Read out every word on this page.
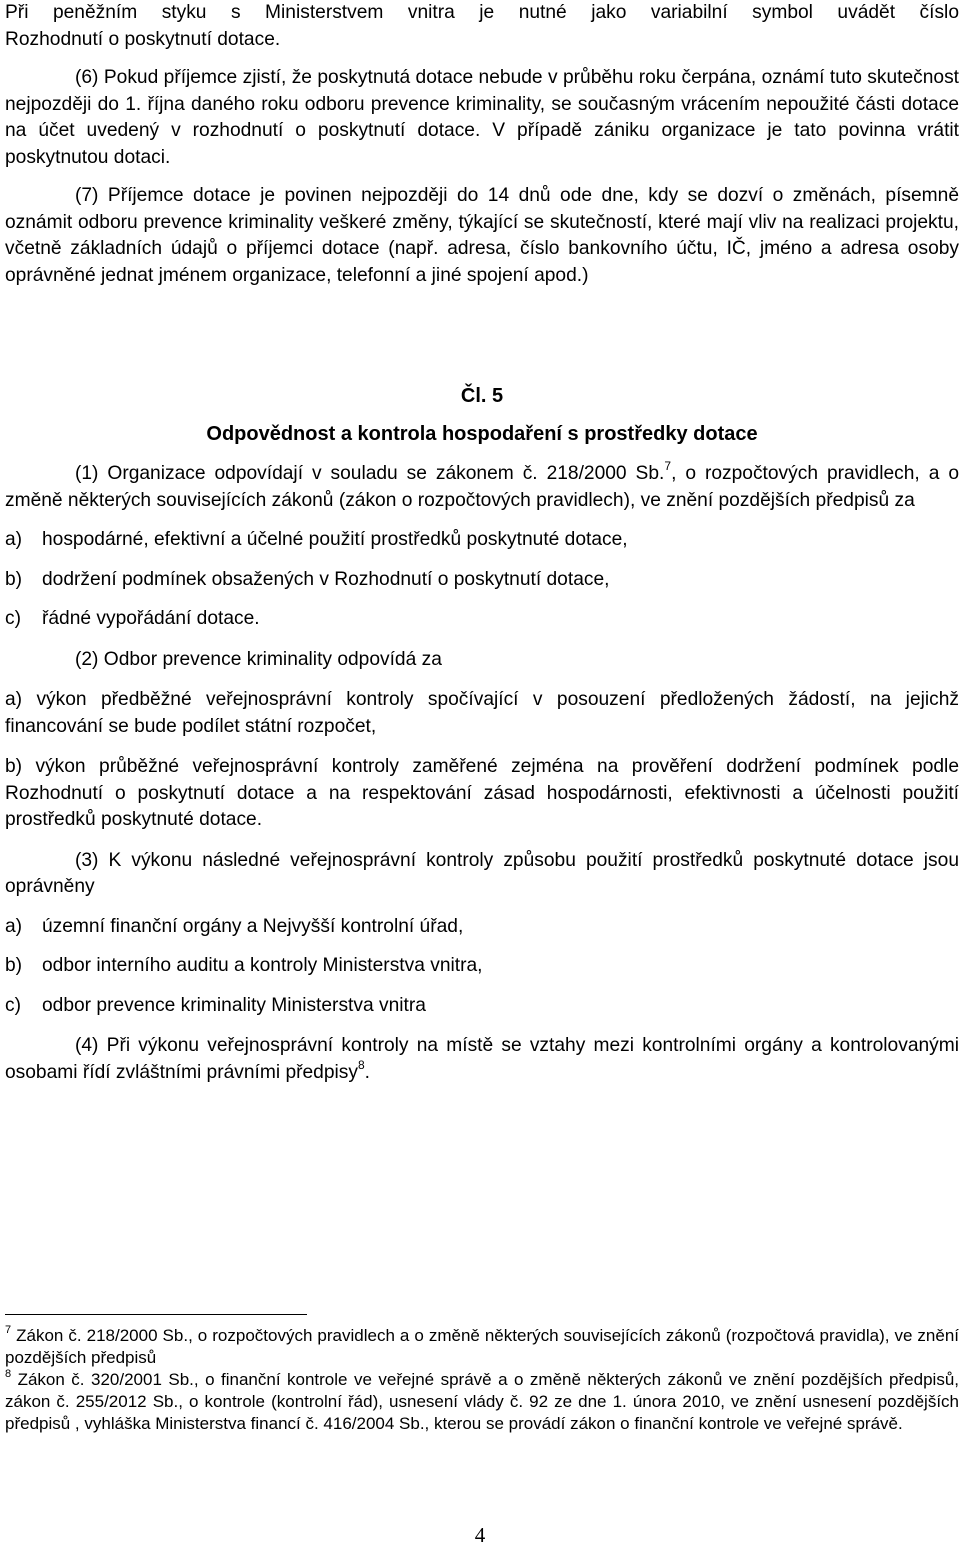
Při peněžním styku s Ministerstvem vnitra je nutné jako variabilní symbol uvádět číslo

Rozhodnutí o poskytnutí dotace.

(6) Pokud příjemce zjistí, že poskytnutá dotace nebude v průběhu roku čerpána, oznámí tuto skutečnost nejpozději do 1. října daného roku odboru prevence kriminality, se současným vrácením nepoužité části dotace na účet uvedený v rozhodnutí o poskytnutí dotace. V případě zániku organizace je tato povinna vrátit poskytnutou dotaci.

(7) Příjemce dotace je povinen nejpozději do 14 dnů ode dne, kdy se dozví o změnách, písemně oznámit odboru prevence kriminality veškeré změny, týkající se skutečností, které mají vliv na realizaci projektu, včetně základních údajů o příjemci dotace (např. adresa, číslo bankovního účtu, IČ, jméno a adresa osoby oprávněné jednat jménem organizace, telefonní a jiné spojení apod.)

Čl. 5

Odpovědnost a kontrola hospodaření s prostředky dotace

(1) Organizace odpovídají v souladu se zákonem č. 218/2000 Sb.$^7$, o rozpočtových pravidlech, a o změně některých souvisejících zákonů (zákon o rozpočtových pravidlech), ve znění pozdějších předpisů za

a)	hospodárné, efektivní a účelné použití prostředků poskytnuté dotace,
b)	dodržení podmínek obsažených v Rozhodnutí o poskytnutí dotace,
c)	řádné vypořádání dotace.

(2) Odbor prevence kriminality odpovídá za

a) výkon předběžné veřejnosprávní kontroly spočívající v posouzení předložených žádostí, na jejichž financování se bude podílet státní rozpočet,

b) výkon průběžné veřejnosprávní kontroly zaměřené zejména na prověření dodržení podmínek podle Rozhodnutí o poskytnutí dotace a na respektování zásad hospodárnosti, efektivnosti a účelnosti použití prostředků poskytnuté dotace.

(3) K výkonu následné veřejnosprávní kontroly způsobu použití prostředků poskytnuté dotace jsou oprávněny

a)	územní finanční orgány a Nejvyšší kontrolní úřad,
b)	odbor interního auditu a kontroly Ministerstva vnitra,
c)	odbor prevence kriminality Ministerstva vnitra

(4) Při výkonu veřejnosprávní kontroly na místě se vztahy mezi kontrolními orgány a kontrolovanými osobami řídí zvláštními právními předpisy$^8$.

$^7$ Zákon č. 218/2000 Sb., o rozpočtových pravidlech a o změně některých souvisejících zákonů (rozpočtová pravidla), ve znění pozdějších předpisů

$^8$ Zákon č. 320/2001 Sb., o finanční kontrole ve veřejné správě a o změně některých zákonů ve znění pozdějších předpisů, zákon č. 255/2012 Sb., o kontrole (kontrolní řád), usnesení vlády č. 92 ze dne 1. února 2010, ve znění usnesení pozdějších předpisů , vyhláška Ministerstva financí č. 416/2004 Sb., kterou se provádí zákon o finanční kontrole ve veřejné správě.

4
